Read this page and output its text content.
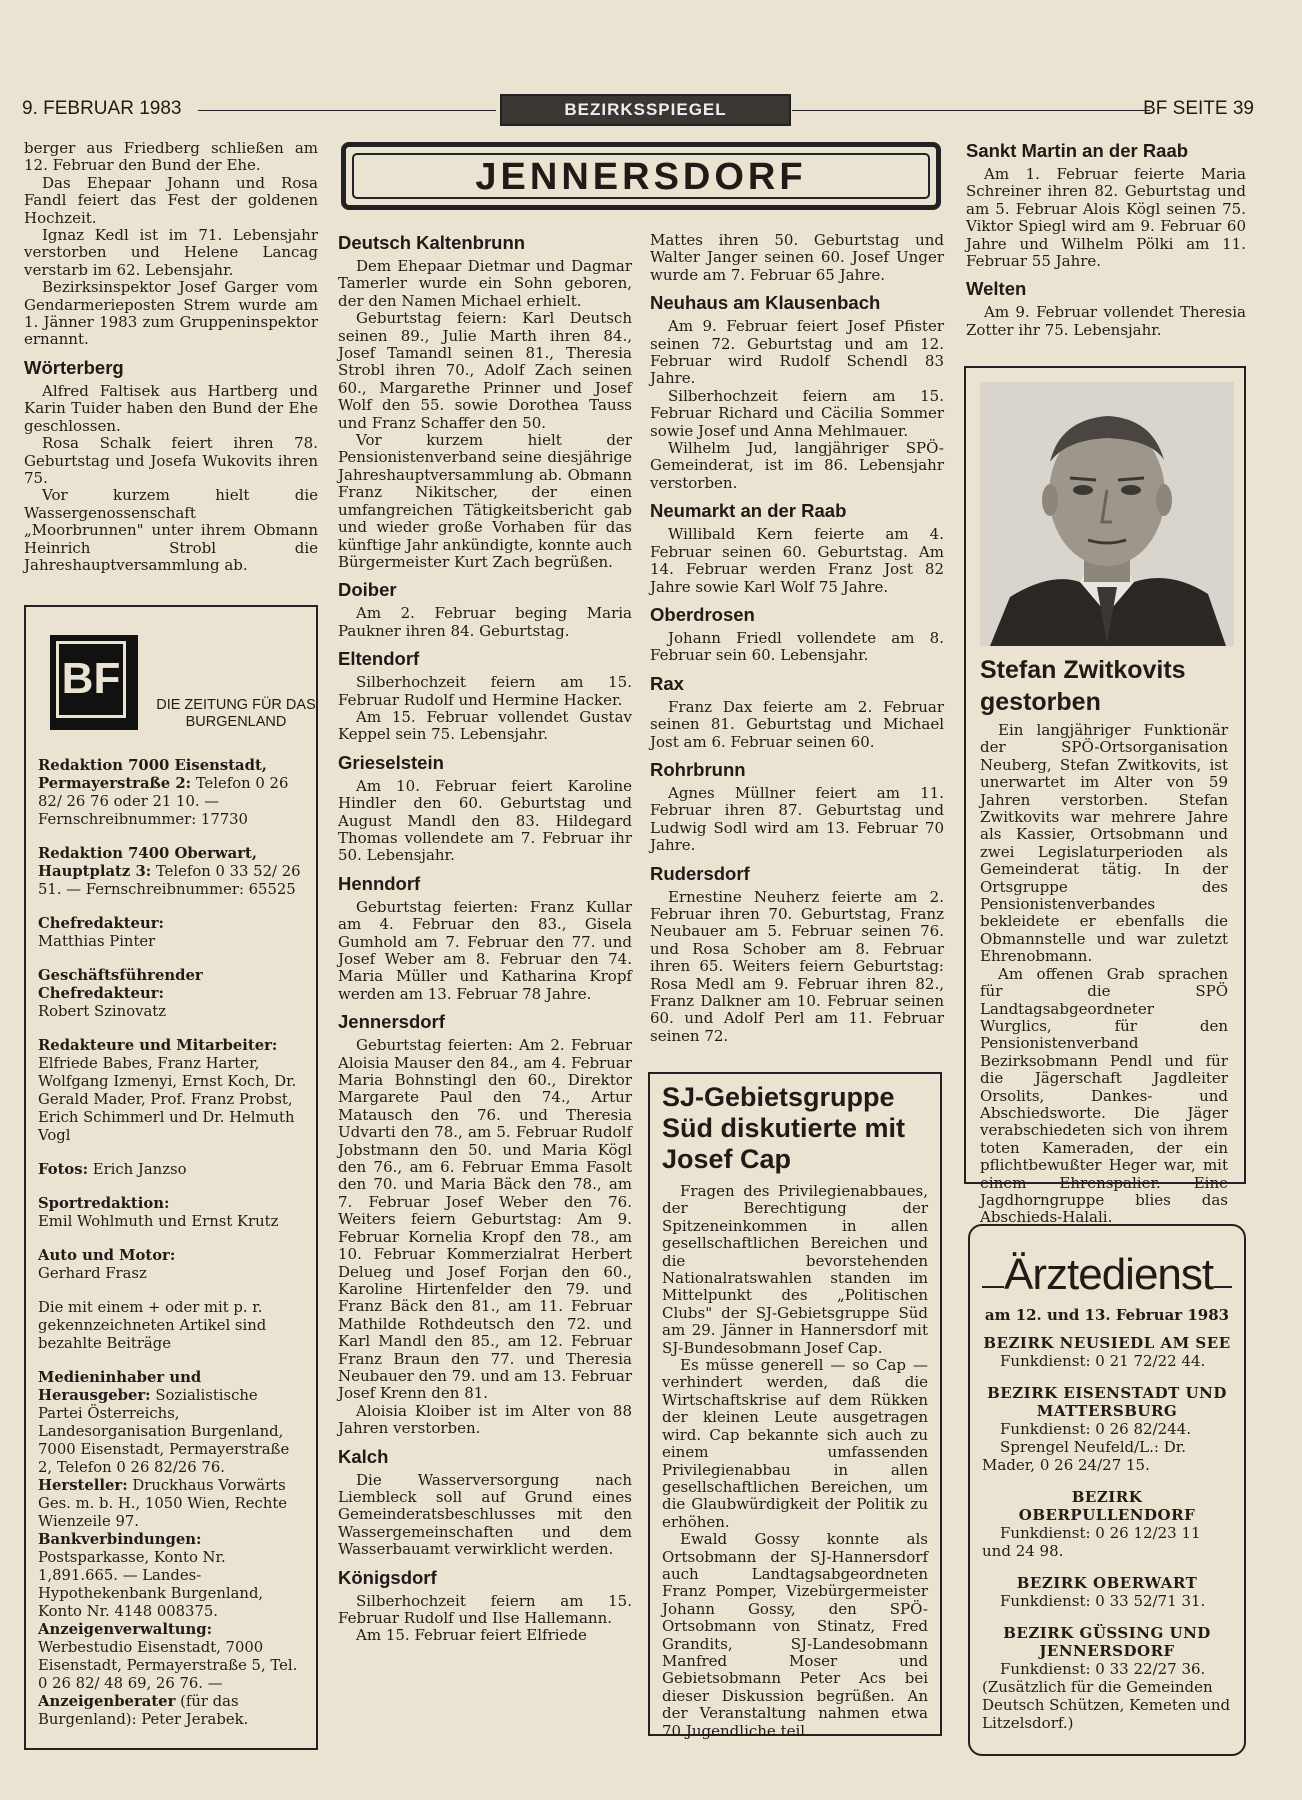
9. FEBRUAR 1983	BEZIRKSSPIEGEL	BF SEITE 39
JENNERSDORF

berger aus Friedberg schließen am 12. Februar den Bund der Ehe.

Das Ehepaar Johann und Rosa Fandl feiert das Fest der goldenen Hochzeit.

Ignaz Kedl ist im 71. Lebensjahr verstorben und Helene Lancag verstarb im 62. Lebensjahr.

Bezirksinspektor Josef Garger vom Gendarmerieposten Strem wurde am 1. Jänner 1983 zum Gruppeninspektor ernannt.

Wörterberg

Alfred Faltisek aus Hartberg und Karin Tuider haben den Bund der Ehe geschlossen.

Rosa Schalk feiert ihren 78. Geburtstag und Josefa Wukovits ihren 75.

Vor kurzem hielt die Wassergenossenschaft „Moorbrunnen" unter ihrem Obmann Heinrich Strobl die Jahreshauptversammlung ab.

BF
DIE ZEITUNG FÜR DAS BURGENLAND
Redaktion 7000 Eisenstadt, Permayerstraße 2: Telefon 0 26 82/ 26 76 oder 21 10. — Fernschreibnummer: 17730
Redaktion 7400 Oberwart, Hauptplatz 3: Telefon 0 33 52/ 26 51. — Fernschreibnummer: 65525
Chefredakteur:
Matthias Pinter
Geschäftsführender Chefredakteur:
Robert Szinovatz
Redakteure und Mitarbeiter:
Elfriede Babes, Franz Harter, Wolfgang Izmenyi, Ernst Koch, Dr. Gerald Mader, Prof. Franz Probst, Erich Schimmerl und Dr. Helmuth Vogl
Fotos: Erich Janzso
Sportredaktion:
Emil Wohlmuth und Ernst Krutz
Auto und Motor:
Gerhard Frasz
Die mit einem + oder mit p. r. gekennzeichneten Artikel sind bezahlte Beiträge
Medieninhaber und Herausgeber: Sozialistische Partei Österreichs, Landesorganisation Burgenland, 7000 Eisenstadt, Permayerstraße 2, Telefon 0 26 82/26 76.
Hersteller: Druckhaus Vorwärts Ges. m. b. H., 1050 Wien, Rechte Wienzeile 97.
Bankverbindungen: Postsparkasse, Konto Nr. 1,891.665. — Landes-Hypothekenbank Burgenland, Konto Nr. 4148 008375.
Anzeigenverwaltung: Werbestudio Eisenstadt, 7000 Eisenstadt, Permayerstraße 5, Tel. 0 26 82/ 48 69, 26 76. — Anzeigenberater (für das Burgenland): Peter Jerabek.
Deutsch Kaltenbrunn

Dem Ehepaar Dietmar und Dagmar Tamerler wurde ein Sohn geboren, der den Namen Michael erhielt.

Geburtstag feiern: Karl Deutsch seinen 89., Julie Marth ihren 84., Josef Tamandl seinen 81., Theresia Strobl ihren 70., Adolf Zach seinen 60., Margarethe Prinner und Josef Wolf den 55. sowie Dorothea Tauss und Franz Schaffer den 50.

Vor kurzem hielt der Pensionistenverband seine diesjährige Jahreshauptversammlung ab. Obmann Franz Nikitscher, der einen umfangreichen Tätigkeitsbericht gab und wieder große Vorhaben für das künftige Jahr ankündigte, konnte auch Bürgermeister Kurt Zach begrüßen.

Doiber

Am 2. Februar beging Maria Paukner ihren 84. Geburtstag.

Eltendorf

Silberhochzeit feiern am 15. Februar Rudolf und Hermine Hacker.

Am 15. Februar vollendet Gustav Keppel sein 75. Lebensjahr.

Grieselstein

Am 10. Februar feiert Karoline Hindler den 60. Geburtstag und August Mandl den 83. Hildegard Thomas vollendete am 7. Februar ihr 50. Lebensjahr.

Henndorf

Geburtstag feierten: Franz Kullar am 4. Februar den 83., Gisela Gumhold am 7. Februar den 77. und Josef Weber am 8. Februar den 74. Maria Müller und Katharina Kropf werden am 13. Februar 78 Jahre.

Jennersdorf

Geburtstag feierten: Am 2. Februar Aloisia Mauser den 84., am 4. Februar Maria Bohnstingl den 60., Direktor Margarete Paul den 74., Artur Matausch den 76. und Theresia Udvarti den 78., am 5. Februar Rudolf Jobstmann den 50. und Maria Kögl den 76., am 6. Februar Emma Fasolt den 70. und Maria Bäck den 78., am 7. Februar Josef Weber den 76. Weiters feiern Geburtstag: Am 9. Februar Kornelia Kropf den 78., am 10. Februar Kommerzialrat Herbert Delueg und Josef Forjan den 60., Karoline Hirtenfelder den 79. und Franz Bäck den 81., am 11. Februar Mathilde Rothdeutsch den 72. und Karl Mandl den 85., am 12. Februar Franz Braun den 77. und Theresia Neubauer den 79. und am 13. Februar Josef Krenn den 81.

Aloisia Kloiber ist im Alter von 88 Jahren verstorben.

Kalch

Die Wasserversorgung nach Liembleck soll auf Grund eines Gemeinderatsbeschlusses mit den Wassergemeinschaften und dem Wasserbauamt verwirklicht werden.

Königsdorf

Silberhochzeit feiern am 15. Februar Rudolf und Ilse Hallemann.

Am 15. Februar feiert Elfriede

Mattes ihren 50. Geburtstag und Walter Janger seinen 60. Josef Unger wurde am 7. Februar 65 Jahre.

Neuhaus am Klausenbach

Am 9. Februar feiert Josef Pfister seinen 72. Geburtstag und am 12. Februar wird Rudolf Schendl 83 Jahre.

Silberhochzeit feiern am 15. Februar Richard und Cäcilia Sommer sowie Josef und Anna Mehlmauer.

Wilhelm Jud, langjähriger SPÖ-Gemeinderat, ist im 86. Lebensjahr verstorben.

Neumarkt an der Raab

Willibald Kern feierte am 4. Februar seinen 60. Geburtstag. Am 14. Februar werden Franz Jost 82 Jahre sowie Karl Wolf 75 Jahre.

Oberdrosen

Johann Friedl vollendete am 8. Februar sein 60. Lebensjahr.

Rax

Franz Dax feierte am 2. Februar seinen 81. Geburtstag und Michael Jost am 6. Februar seinen 60.

Rohrbrunn

Agnes Müllner feiert am 11. Februar ihren 87. Geburtstag und Ludwig Sodl wird am 13. Februar 70 Jahre.

Rudersdorf

Ernestine Neuherz feierte am 2. Februar ihren 70. Geburtstag, Franz Neubauer am 5. Februar seinen 76. und Rosa Schober am 8. Februar ihren 65. Weiters feiern Geburtstag: Rosa Medl am 9. Februar ihren 82., Franz Dalkner am 10. Februar seinen 60. und Adolf Perl am 11. Februar seinen 72.

SJ-Gebietsgruppe Süd diskutierte mit Josef Cap

Fragen des Privilegienabbaues, der Berechtigung der Spitzeneinkommen in allen gesellschaftlichen Bereichen und die bevorstehenden Nationalratswahlen standen im Mittelpunkt des „Politischen Clubs" der SJ-Gebietsgruppe Süd am 29. Jänner in Hannersdorf mit SJ-Bundesobmann Josef Cap.

Es müsse generell — so Cap — verhindert werden, daß die Wirtschaftskrise auf dem Rükken der kleinen Leute ausgetragen wird. Cap bekannte sich auch zu einem umfassenden Privilegienabbau in allen gesellschaftlichen Bereichen, um die Glaubwürdigkeit der Politik zu erhöhen.

Ewald Gossy konnte als Ortsobmann der SJ-Hannersdorf auch Landtagsabgeordneten Franz Pomper, Vizebürgermeister Johann Gossy, den SPÖ-Ortsobmann von Stinatz, Fred Grandits, SJ-Landesobmann Manfred Moser und Gebietsobmann Peter Acs bei dieser Diskussion begrüßen. An der Veranstaltung nahmen etwa 70 Jugendliche teil.

Sankt Martin an der Raab

Am 1. Februar feierte Maria Schreiner ihren 82. Geburtstag und am 5. Februar Alois Kögl seinen 75. Viktor Spiegl wird am 9. Februar 60 Jahre und Wilhelm Pölki am 11. Februar 55 Jahre.

Welten

Am 9. Februar vollendet Theresia Zotter ihr 75. Lebensjahr.

Stefan Zwitkovits gestorben

Ein langjähriger Funktionär der SPÖ-Ortsorganisation Neuberg, Stefan Zwitkovits, ist unerwartet im Alter von 59 Jahren verstorben. Stefan Zwitkovits war mehrere Jahre als Kassier, Ortsobmann und zwei Legislaturperioden als Gemeinderat tätig. In der Ortsgruppe des Pensionistenverbandes bekleidete er ebenfalls die Obmannstelle und war zuletzt Ehrenobmann.

Am offenen Grab sprachen für die SPÖ Landtagsabgeordneter Wurglics, für den Pensionistenverband Bezirksobmann Pendl und für die Jägerschaft Jagdleiter Orsolits, Dankes- und Abschiedsworte. Die Jäger verabschiedeten sich von ihrem toten Kameraden, der ein pflichtbewußter Heger war, mit einem Ehrenspalier. Eine Jagdhorngruppe blies das Abschieds-Halali.

Ärztedienst
am 12. und 13. Februar 1983
BEZIRK NEUSIEDL AM SEE

Funkdienst: 0 21 72/22 44.

BEZIRK EISENSTADT UND MATTERSBURG

Funkdienst: 0 26 82/244.

Sprengel Neufeld/L.: Dr. Mader, 0 26 24/27 15.

BEZIRK OBERPULLENDORF

Funkdienst: 0 26 12/23 11 und 24 98.

BEZIRK OBERWART

Funkdienst: 0 33 52/71 31.

BEZIRK GÜSSING UND JENNERSDORF

Funkdienst: 0 33 22/27 36.

(Zusätzlich für die Gemeinden Deutsch Schützen, Kemeten und Litzelsdorf.)
